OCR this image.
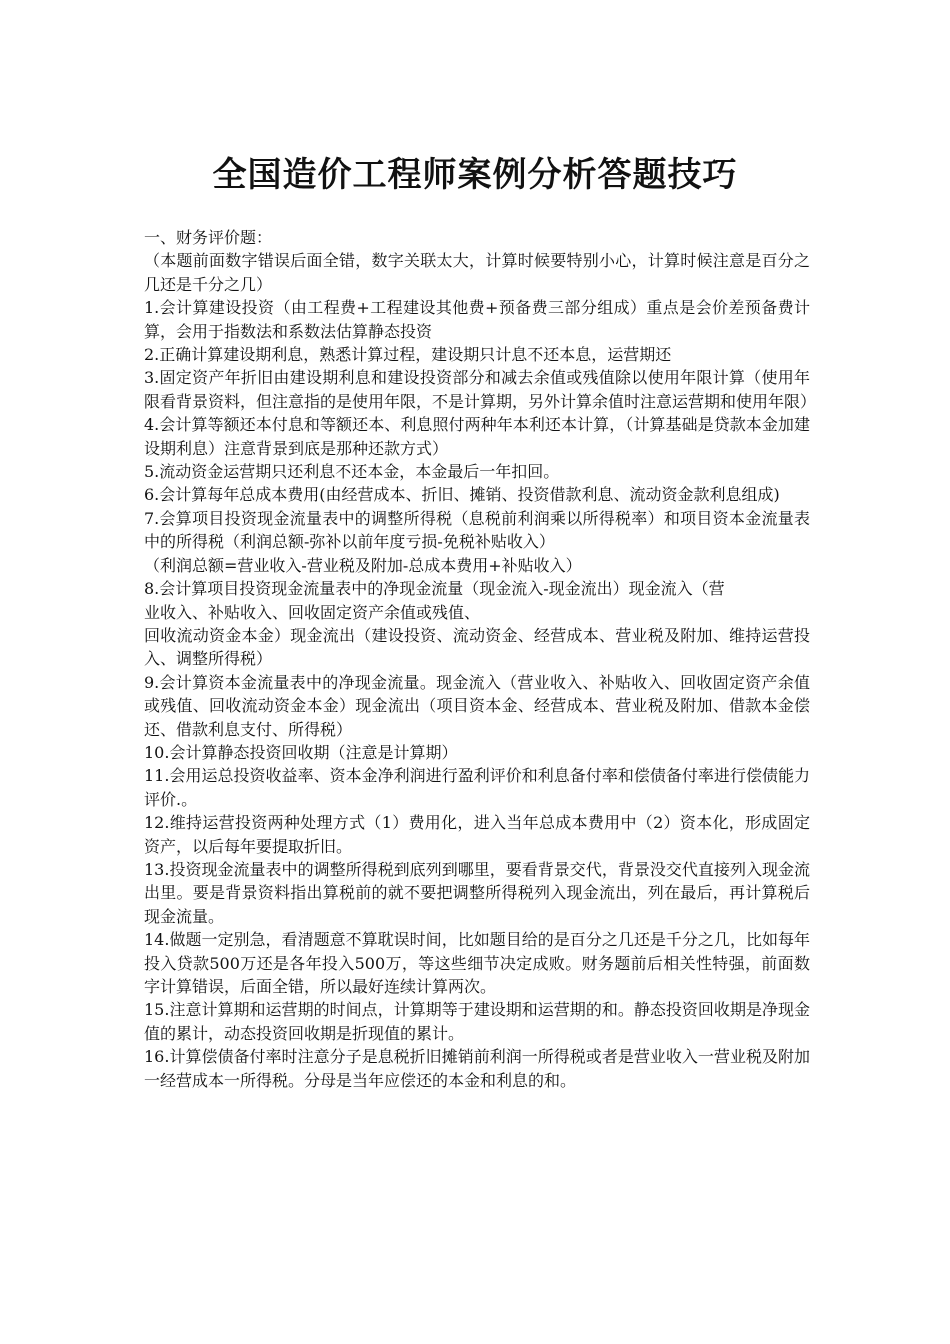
全国造价工程师案例分析答题技巧

一、财务评价题：

（本题前面数字错误后面全错，数字关联太大，计算时候要特别小心，计算时候注意是百分之几还是千分之几）

1.会计算建设投资（由工程费+工程建设其他费+预备费三部分组成）重点是会价差预备费计算，会用于指数法和系数法估算静态投资

2.正确计算建设期利息，熟悉计算过程，建设期只计息不还本息，运营期还

3.固定资产年折旧由建设期利息和建设投资部分和减去余值或残值除以使用年限计算（使用年限看背景资料，但注意指的是使用年限，不是计算期，另外计算余值时注意运营期和使用年限）

4.会计算等额还本付息和等额还本、利息照付两种年本利还本计算，（计算基础是贷款本金加建设期利息）注意背景到底是那种还款方式）

5.流动资金运营期只还利息不还本金，本金最后一年扣回。

6.会计算每年总成本费用(由经营成本、折旧、摊销、投资借款利息、流动资金款利息组成)

7.会算项目投资现金流量表中的调整所得税（息税前利润乘以所得税率）和项目资本金流量表中的所得税（利润总额-弥补以前年度亏损-免税补贴收入）

（利润总额=营业收入-营业税及附加-总成本费用+补贴收入）

8.会计算项目投资现金流量表中的净现金流量（现金流入-现金流出）现金流入（营

业收入、补贴收入、回收固定资产余值或残值、

回收流动资金本金）现金流出（建设投资、流动资金、经营成本、营业税及附加、维持运营投入、调整所得税）

9.会计算资本金流量表中的净现金流量。现金流入（营业收入、补贴收入、回收固定资产余值或残值、回收流动资金本金）现金流出（项目资本金、经营成本、营业税及附加、借款本金偿还、借款利息支付、所得税）

10.会计算静态投资回收期（注意是计算期）

11.会用运总投资收益率、资本金净利润进行盈利评价和利息备付率和偿债备付率进行偿债能力评价.。

12.维持运营投资两种处理方式（1）费用化，进入当年总成本费用中（2）资本化，形成固定资产，以后每年要提取折旧。

13.投资现金流量表中的调整所得税到底列到哪里，要看背景交代，背景没交代直接列入现金流出里。要是背景资料指出算税前的就不要把调整所得税列入现金流出，列在最后，再计算税后现金流量。

14.做题一定别急，看清题意不算耽误时间，比如题目给的是百分之几还是千分之几，比如每年投入贷款500万还是各年投入500万，等这些细节决定成败。财务题前后相关性特强，前面数字计算错误，后面全错，所以最好连续计算两次。

15.注意计算期和运营期的时间点，计算期等于建设期和运营期的和。静态投资回收期是净现金值的累计，动态投资回收期是折现值的累计。

16.计算偿债备付率时注意分子是息税折旧摊销前利润一所得税或者是营业收入一营业税及附加一经营成本一所得税。分母是当年应偿还的本金和利息的和。
